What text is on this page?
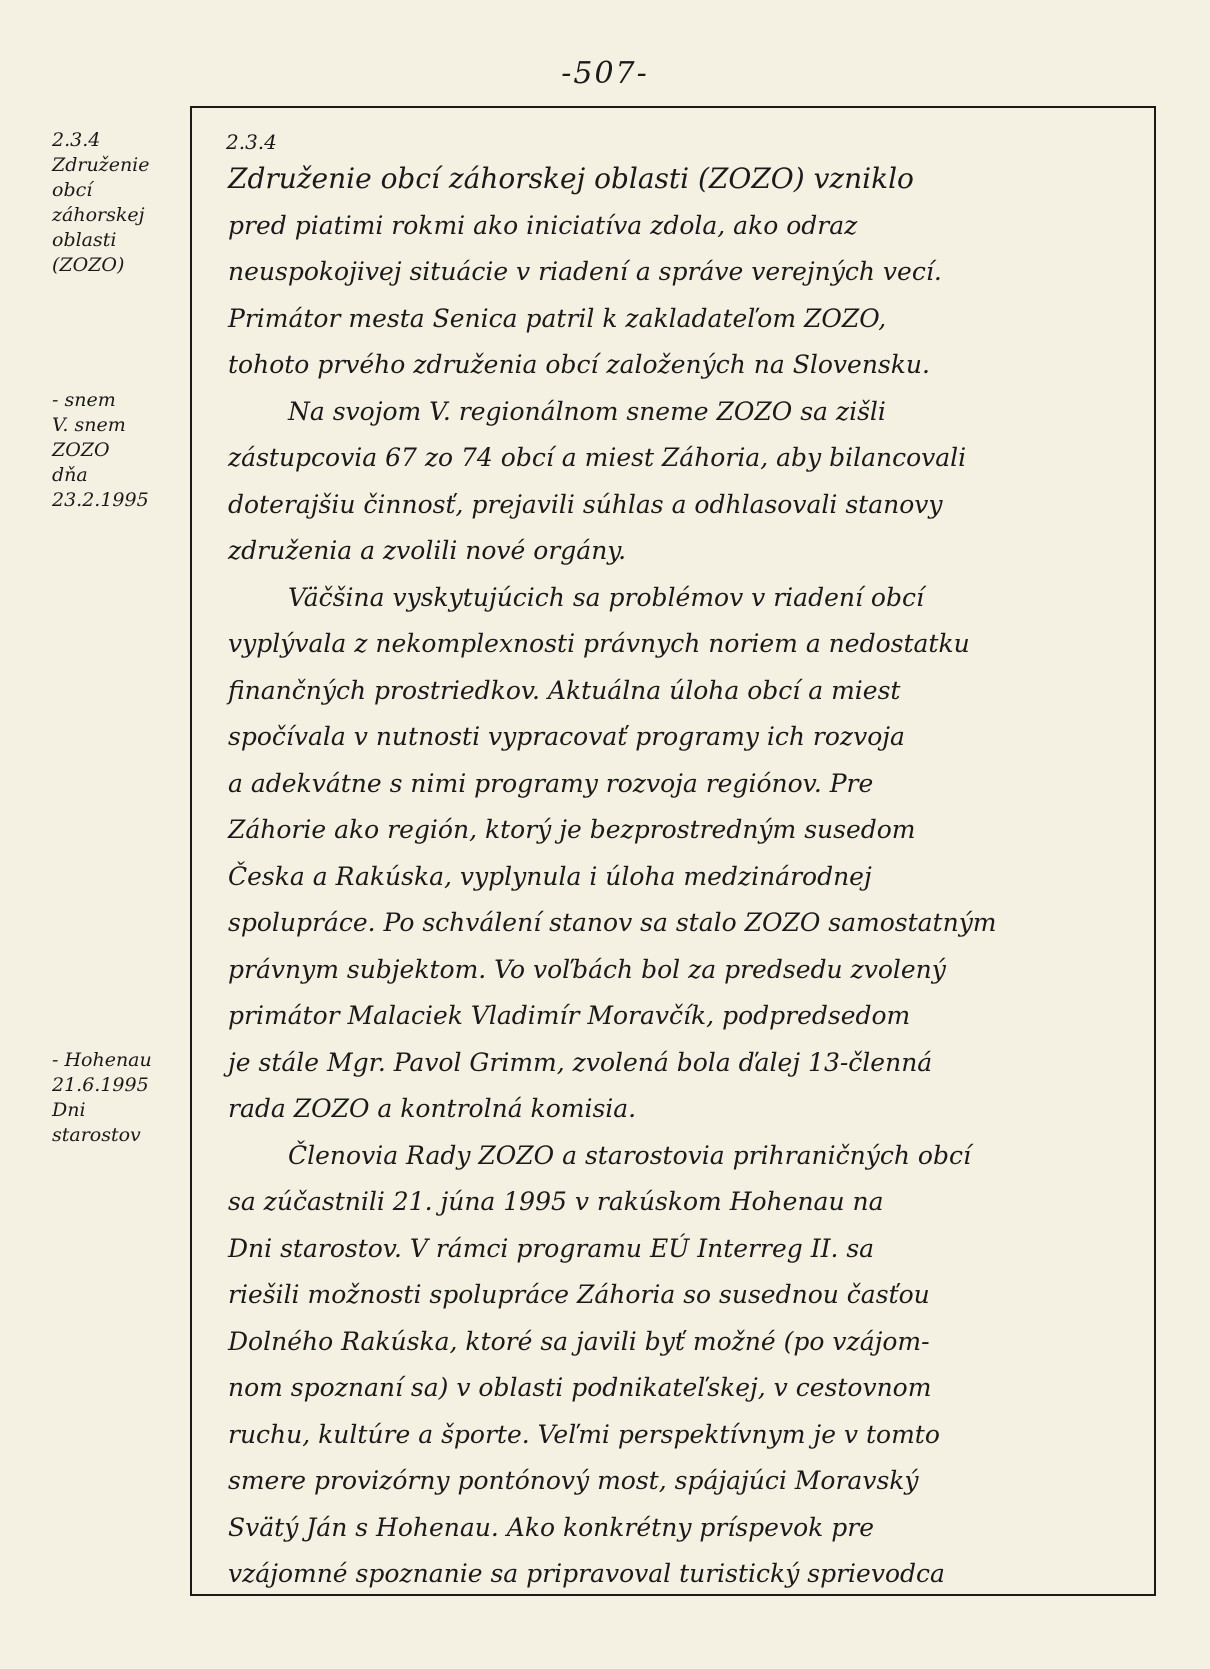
-507-
2.3.4
Združenie
obcí
záhorskej
oblasti
(ZOZO)
- snem
V. snem
ZOZO
dňa
23.2.1995
- Hohenau
21.6.1995
Dni
starostov
2.3.4
Združenie obcí záhorskej oblasti (ZOZO) vzniklo
pred piatimi rokmi ako iniciatíva zdola, ako odraz
neuspokojivej situácie v riadení a správe verejných vecí.
Primátor mesta Senica patril k zakladateľom ZOZO,
tohoto prvého združenia obcí založených na Slovensku.
Na svojom V. regionálnom sneme ZOZO sa zišli
zástupcovia 67 zo 74 obcí a miest Záhoria, aby bilancovali
doterajšiu činnosť, prejavili súhlas a odhlasovali stanovy
združenia a zvolili nové orgány.
Väčšina vyskytujúcich sa problémov v riadení obcí
vyplývala z nekomplexnosti právnych noriem a nedostatku
finančných prostriedkov. Aktuálna úloha obcí a miest
spočívala v nutnosti vypracovať programy ich rozvoja
a adekvátne s nimi programy rozvoja regiónov. Pre
Záhorie ako región, ktorý je bezprostredným susedom
Česka a Rakúska, vyplynula i úloha medzinárodnej
spolupráce. Po schválení stanov sa stalo ZOZO samostatným
právnym subjektom. Vo voľbách bol za predsedu zvolený
primátor Malaciek Vladimír Moravčík, podpredsedom
je stále Mgr. Pavol Grimm, zvolená bola ďalej 13-členná
rada ZOZO a kontrolná komisia.
Členovia Rady ZOZO a starostovia prihraničných obcí
sa zúčastnili 21. júna 1995 v rakúskom Hohenau na
Dni starostov. V rámci programu EÚ Interreg II. sa
riešili možnosti spolupráce Záhoria so susednou časťou
Dolného Rakúska, ktoré sa javili byť možné (po vzájom-
nom spoznaní sa) v oblasti podnikateľskej, v cestovnom
ruchu, kultúre a športe. Veľmi perspektívnym je v tomto
smere provizórny pontónový most, spájajúci Moravský
Svätý Ján s Hohenau. Ako konkrétny príspevok pre
vzájomné spoznanie sa pripravoval turistický sprievodca
